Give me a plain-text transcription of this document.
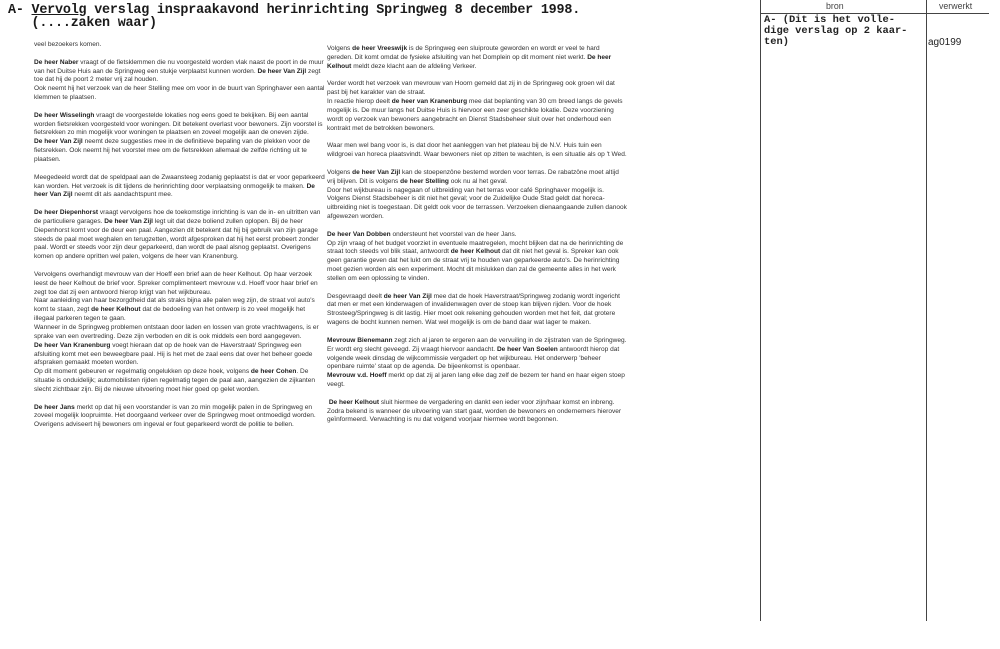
A- Vervolg verslag inspraakavond herinrichting Springweg 8 december 1998.
(....zaken waar)

veel bezoekers komen.

De heer Naber vraagt of de fietsklemmen die nu voorgesteld worden vlak naast de poort in de muur van het Duitse Huis aan de Springweg een stukje verplaatst kunnen worden. De heer Van Zijl zegt toe dat hij de poort 2 meter vrij zal houden.
Ook neemt hij het verzoek van de heer Stelling mee om voor in de buurt van Springhaver een aantal klemmen te plaatsen.

De heer Wisselingh vraagt de voorgestelde lokaties nog eens goed te bekijken. Bij een aantal worden fietsrekken voorgesteld voor woningen. Dit betekent overlast voor bewoners. Zijn voorstel is fietsrekken zo min mogelijk voor woningen te plaatsen en zoveel mogelijk aan de oneven zijde.
De heer Van Zijl neemt deze suggesties mee in de definitieve bepaling van de plekken voor de fietsrekken. Ook neemt hij het voorstel mee om de fietsrekken allemaal de zelfde richting uit te plaatsen.

Meegedeeld wordt dat de speldpaal aan de Zwaansteeg zodanig geplaatst is dat er voor geparkeerd kan worden. Het verzoek is dit tijdens de herinrichting door verplaatsing onmogelijk te maken. De heer Van Zijl neemt dit als aandachtspunt mee.

De heer Diepenhorst vraagt vervolgens hoe de toekomstige inrichting is van de in- en uitritten van de particuliere garages. De heer Van Zijl legt uit dat deze boliend zullen oplopen. Bij de heer Diepenhorst komt voor de deur een paal. Aangezien dit betekent dat hij bij gebruik van zijn garage steeds de paal moet weghalen en terugzetten, wordt afgesproken dat hij het eerst probeert zonder paal. Wordt er steeds voor zijn deur geparkeerd, dan wordt de paal alsnog geplaatst. Overigens komen op andere opritten wel palen, volgens de heer van Kranenburg.

Vervolgens overhandigt mevrouw van der Hoeff een brief aan de heer Kelhout. Op haar verzoek leest de heer Kelhout de brief voor. Spreker complimenteert mevrouw v.d. Hoeff voor haar brief en zegt toe dat zij een antwoord hierop krijgt van het wijkbureau.
Naar aanleiding van haar bezorgdheid dat als straks bijna alle palen weg zijn, de straat vol auto's komt te staan, zegt de heer Kelhout dat de bedoeling van het ontwerp is zo veel mogelijk het illegaal parkeren tegen te gaan.
Wanneer in de Springweg problemen ontstaan door laden en lossen van grote vrachtwagens, is er sprake van een overtreding. Deze zijn verboden en dit is ook middels een bord aangegeven.
De heer Van Kranenburg voegt hieraan dat op de hoek van de Haverstraat/ Springweg een afsluiting komt met een beweegbare paal. Hij is het met de zaal eens dat over het beheer goede afspraken gemaakt moeten worden.
Op dit moment gebeuren er regelmatig ongelukken op deze hoek, volgens de heer Cohen. De situatie is onduidelijk; automobilisten rijden regelmatig tegen de paal aan, aangezien de zijkanten slecht zichtbaar zijn. Bij de nieuwe uitvoering moet hier goed op gelet worden.

De heer Jans merkt op dat hij een voorstander is van zo min mogelijk palen in de Springweg en zoveel mogelijk loopruimte. Het doorgaand verkeer over de Springweg moet ontmoedigd worden. Overigens adviseert hij bewoners om ingeval er fout geparkeerd wordt de politie te bellen.

Volgens de heer Vreeswijk is de Springweg een sluiproute geworden en wordt er veel te hard gereden. Dit komt omdat de fysieke afsluiting van het Domplein op dit moment niet werkt. De heer Kelhout meldt deze klacht aan de afdeling Verkeer.

Verder wordt het verzoek van mevrouw van Hoorn gemeld dat zij in de Springweg ook groen wil dat past bij het karakter van de straat.
In reactie hierop deelt de heer van Kranenburg mee dat beplanting van 30 cm breed langs de gevels mogelijk is. De muur langs het Duitse Huis is hiervoor een zeer geschikte lokatie. Deze voorziening wordt op verzoek van bewoners aangebracht en Dienst Stadsbeheer sluit over het onderhoud een kontrakt met de betrokken bewoners.

Waar men wel bang voor is, is dat door het aanleggen van het plateau bij de N.V. Huis tuin een wildgroei van horeca plaatsvindt. Waar bewoners niet op zitten te wachten, is een situatie als op 't Wed.

Volgens de heer Van Zijl kan de stoepenzône bestemd worden voor terras. De rabatzône moet altijd vrij blijven. Dit is volgens de heer Stelling ook nu al het geval.
Door het wijkbureau is nagegaan of uitbreiding van het terras voor café Springhaver mogelijk is. Volgens Dienst Stadsbeheer is dit niet het geval; voor de Zuidelijke Oude Stad geldt dat horeca-uitbreiding niet is toegestaan. Dit geldt ook voor de terrassen. Verzoeken dienaangaande zullen danook afgewezen worden.

De heer Van Dobben ondersteunt het voorstel van de heer Jans.
Op zijn vraag of het budget voorziet in eventuele maatregelen, mocht blijken dat na de herinrichting de straat toch steeds vol blik staat, antwoordt de heer Kelhout dat dit niet het geval is. Spreker kan ook geen garantie geven dat het lukt om de straat vrij te houden van geparkeerde auto's. De herinrichting moet gezien worden als een experiment. Mocht dit mislukken dan zal de gemeente alles in het werk stellen om een oplossing te vinden.

Desgevraagd deelt de heer Van Zijl mee dat de hoek Haverstraat/Springweg zodanig wordt ingericht dat men er met een kinderwagen of invalidenwagen over de stoep kan blijven rijden. Voor de hoek Strosteeg/Springweg is dit lastig. Hier moet ook rekening gehouden worden met het feit, dat grotere wagens de bocht kunnen nemen. Wat wel mogelijk is om de band daar wat lager te maken.

Mevrouw Bienemann zegt zich al jaren te ergeren aan de vervuiling in de zijstraten van de Springweg. Er wordt erg slecht geveegd. Zij vraagt hiervoor aandacht. De heer Van Soelen antwoordt hierop dat volgende week dinsdag de wijkcommissie vergadert op het wijkbureau. Het onderwerp 'beheer openbare ruimte' staat op de agenda. De bijeenkomst is openbaar.
Mevrouw v.d. Hoeff merkt op dat zij al jaren lang elke dag zelf de bezem ter hand en haar eigen stoep veegt.

De heer Kelhout sluit hiermee de vergadering en dankt een ieder voor zijn/haar komst en inbreng. Zodra bekend is wanneer de uitvoering van start gaat, worden de bewoners en ondernemers hierover geïnformeerd. Verwachting is nu dat volgend voorjaar hiermee wordt begonnen.

bron	verwerkt
A- (Dit is het volle-
dige verslag op 2 kaar-
ten)	ag0199
